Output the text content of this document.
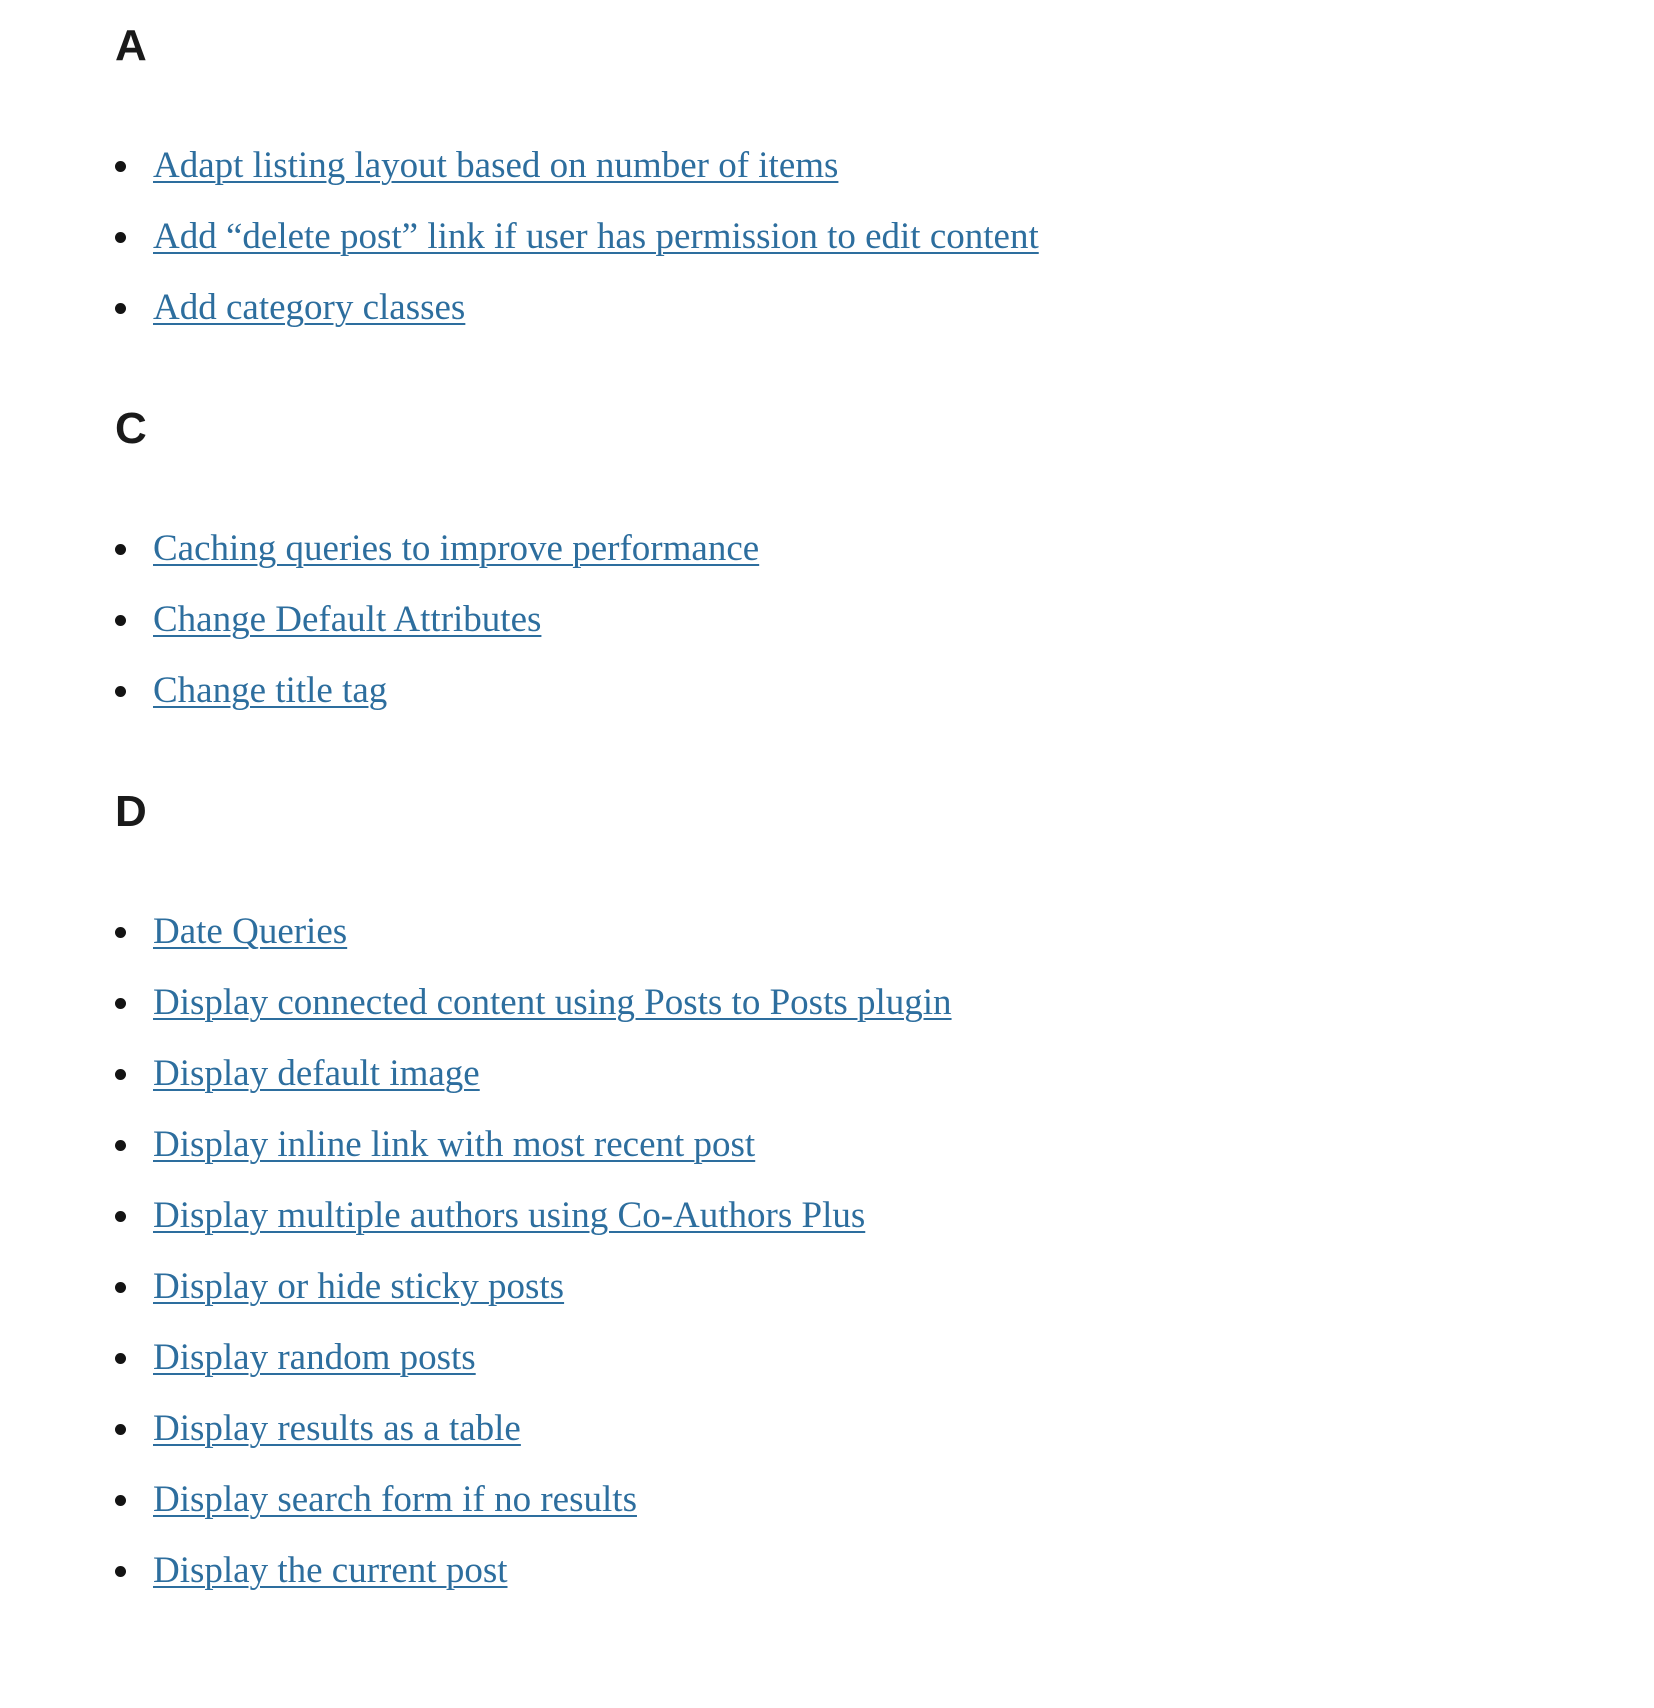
A
Adapt listing layout based on number of items
Add “delete post” link if user has permission to edit content
Add category classes
C
Caching queries to improve performance
Change Default Attributes
Change title tag
D
Date Queries
Display connected content using Posts to Posts plugin
Display default image
Display inline link with most recent post
Display multiple authors using Co-Authors Plus
Display or hide sticky posts
Display random posts
Display results as a table
Display search form if no results
Display the current post
